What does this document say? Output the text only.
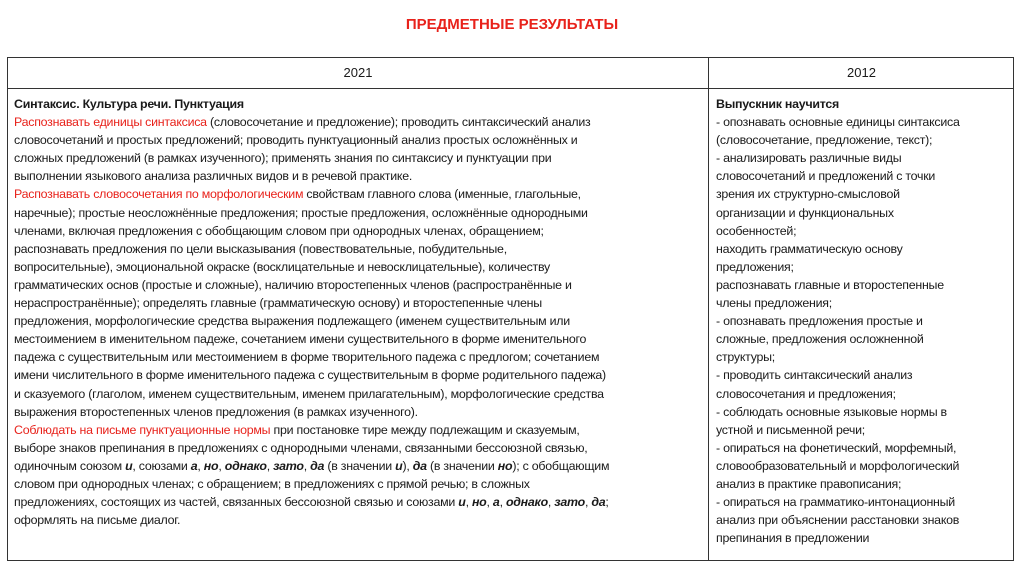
ПРЕДМЕТНЫЕ РЕЗУЛЬТАТЫ
2021	2012
Синтаксис. Культура речи. Пунктуация
Распознавать единицы синтаксиса (словосочетание и предложение); проводить синтаксический анализ
словосочетаний и простых предложений; проводить пунктуационный анализ простых осложнённых и
сложных предложений (в рамках изученного); применять знания по синтаксису и пунктуации при
выполнении языкового анализа различных видов и в речевой практике.
Распознавать словосочетания по морфологическим свойствам главного слова (именные, глагольные,
наречные); простые неосложнённые предложения; простые предложения, осложнённые однородными
членами, включая предложения с обобщающим словом при однородных членах, обращением;
распознавать предложения по цели высказывания (повествовательные, побудительные,
вопросительные), эмоциональной окраске (восклицательные и невосклицательные), количеству
грамматических основ (простые и сложные), наличию второстепенных членов (распространённые и
нераспространённые); определять главные (грамматическую основу) и второстепенные члены
предложения, морфологические средства выражения подлежащего (именем существительным или
местоимением в именительном падеже, сочетанием имени существительного в форме именительного
падежа с существительным или местоимением в форме творительного падежа с предлогом; сочетанием
имени числительного в форме именительного падежа с существительным в форме родительного падежа)
и сказуемого (глаголом, именем существительным, именем прилагательным), морфологические средства
выражения второстепенных членов предложения (в рамках изученного).
Соблюдать на письме пунктуационные нормы при постановке тире между подлежащим и сказуемым,
выборе знаков препинания в предложениях с однородными членами, связанными бессоюзной связью,
одиночным союзом и, союзами а, но, однако, зато, да (в значении и), да (в значении но); с обобщающим
словом при однородных членах; с обращением; в предложениях с прямой речью; в сложных
предложениях, состоящих из частей, связанных бессоюзной связью и союзами и, но, а, однако, зато, да;
оформлять на письме диалог.
Выпускник научится
- опознавать основные единицы синтаксиса
(словосочетание, предложение, текст);
- анализировать различные виды
словосочетаний и предложений с точки
зрения их структурно-смысловой
организации и функциональных
особенностей;
находить грамматическую основу
предложения;
распознавать главные и второстепенные
члены предложения;
- опознавать предложения простые и
сложные, предложения осложненной
структуры;
- проводить синтаксический анализ
словосочетания и предложения;
- соблюдать основные языковые нормы в
устной и письменной речи;
- опираться на фонетический, морфемный,
словообразовательный и морфологический
анализ в практике правописания;
- опираться на грамматико-интонационный
анализ при объяснении расстановки знаков
препинания в предложении
